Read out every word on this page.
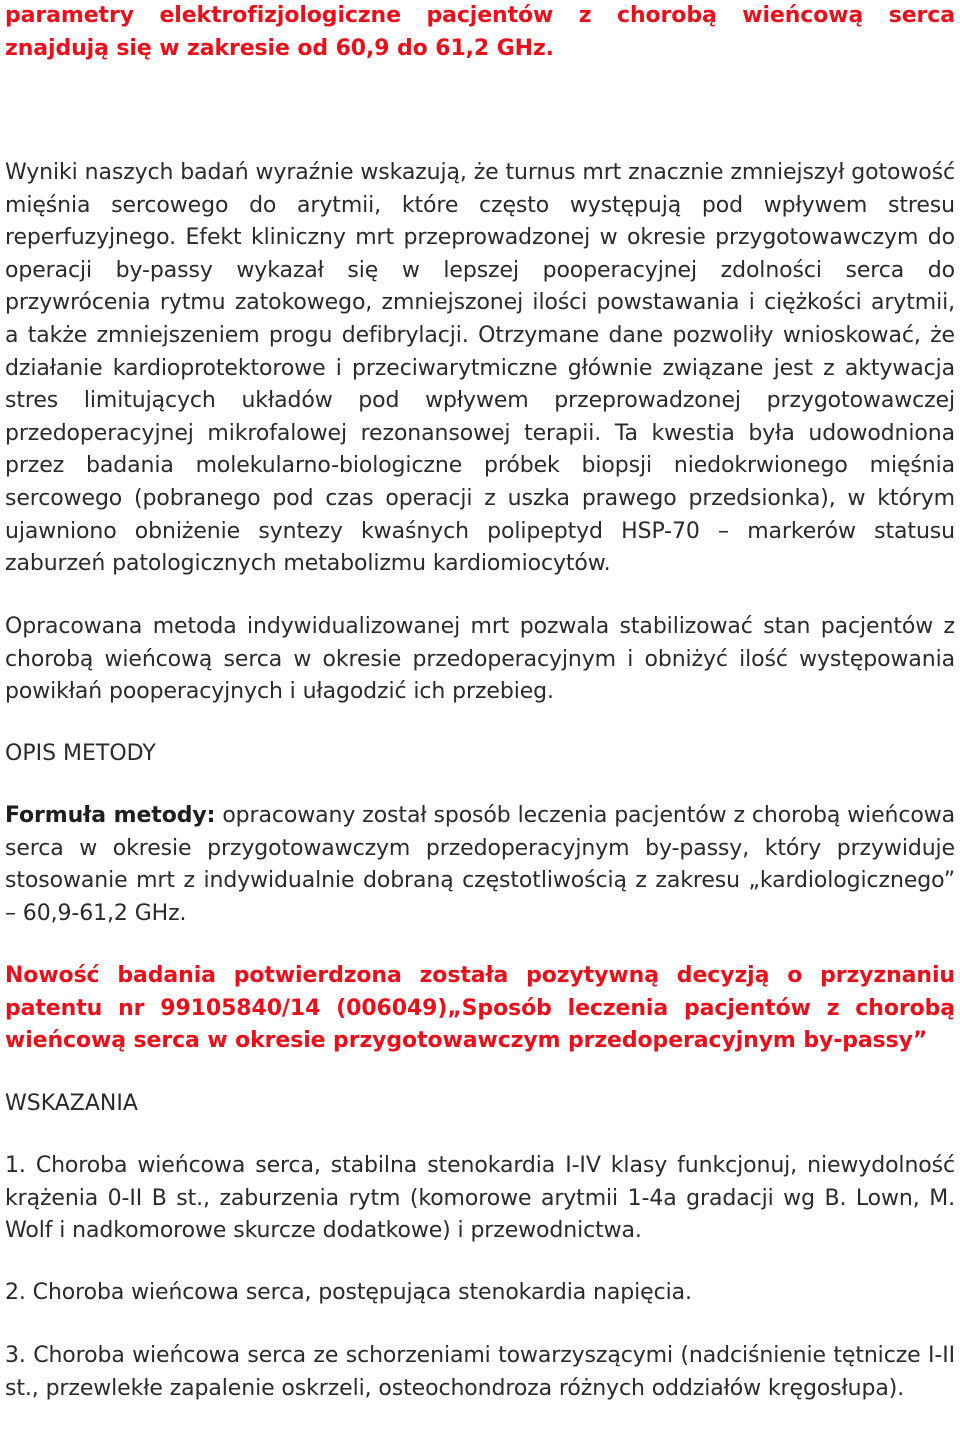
parametry elektrofizjologiczne pacjentów z chorobą wieńcową serca znajdują się w zakresie od 60,9 do 61,2 GHz.

Wyniki naszych badań wyraźnie wskazują, że turnus mrt znacznie zmniejszył gotowość mięśnia sercowego do arytmii, które często występują pod wpływem stresu reperfuzyjnego. Efekt kliniczny mrt przeprowadzonej w okresie przygotowawczym do operacji by-passy wykazał się w lepszej pooperacyjnej zdolności serca do przywrócenia rytmu zatokowego, zmniejszonej ilości powstawania i ciężkości arytmii, a także zmniejszeniem progu defibrylacji. Otrzymane dane pozwoliły wnioskować, że działanie kardioprotektorowe i przeciwarytmiczne głównie związane jest z aktywacja stres limitujących układów pod wpływem przeprowadzonej przygotowawczej przedoperacyjnej mikrofalowej rezonansowej terapii. Ta kwestia była udowodniona przez badania molekularno-biologiczne próbek biopsji niedokrwionego mięśnia sercowego (pobranego pod czas operacji z uszka prawego przedsionka), w którym ujawniono obniżenie syntezy kwaśnych polipeptyd HSP-70 – markerów statusu zaburzeń patologicznych metabolizmu kardiomiocytów.

Opracowana metoda indywidualizowanej mrt pozwala stabilizować stan pacjentów z chorobą wieńcową serca w okresie przedoperacyjnym i obniżyć ilość występowania powikłań pooperacyjnych i ułagodzić ich przebieg.

OPIS METODY

Formuła metody: opracowany został sposób leczenia pacjentów z chorobą wieńcowa serca w okresie przygotowawczym przedoperacyjnym by-passy, który przywiduje stosowanie mrt z indywidualnie dobraną częstotliwością z zakresu „kardiologicznego” – 60,9-61,2 GHz.

Nowość badania potwierdzona została pozytywną decyzją o przyznaniu patentu nr 99105840/14 (006049)„Sposób leczenia pacjentów z chorobą wieńcową serca w okresie przygotowawczym przedoperacyjnym by-passy”

WSKAZANIA

1. Choroba wieńcowa serca, stabilna stenokardia I-IV klasy funkcjonuj, niewydolność krążenia 0-II B st., zaburzenia rytm (komorowe arytmii 1-4a gradacji wg B. Lown, M. Wolf i nadkomorowe skurcze dodatkowe) i przewodnictwa.

2. Choroba wieńcowa serca, postępująca stenokardia napięcia.

3. Choroba wieńcowa serca ze schorzeniami towarzyszącymi (nadciśnienie tętnicze I-II st., przewlekłe zapalenie oskrzeli, osteochondroza różnych oddziałów kręgosłupa).
